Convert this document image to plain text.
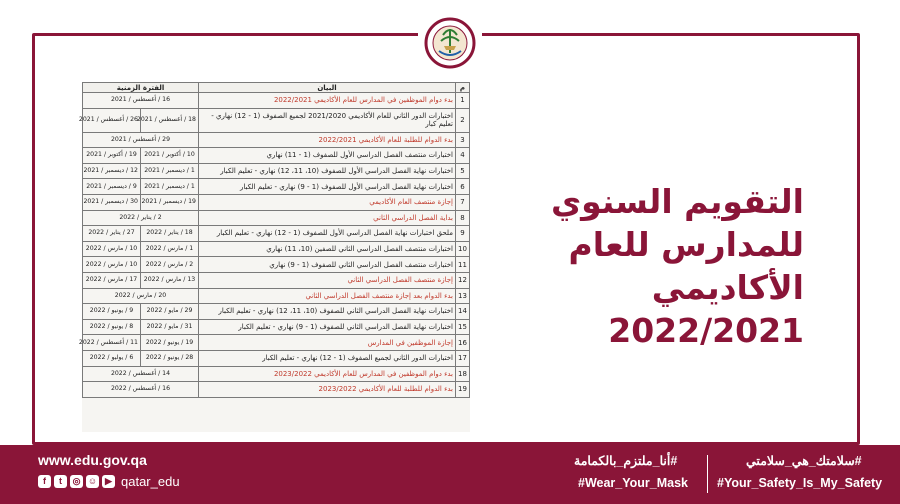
الفترة الزمنية		البيان	م
16 / أغسطس / 2021		بدء دوام الموظفين في المدارس للعام الأكاديمي 2022/2021	1
26 / أغسطس / 2021	18 / أغسطس / 2021	اختبارات الدور الثاني للعام الأكاديمي 2021/2020 لجميع الصفوف (1 - 12) نهاري - تعليم كبار	2
29 / أغسطس / 2021		بدء الدوام للطلبة للعام الأكاديمي 2022/2021	3
19 / أكتوبر / 2021	10 / أكتوبر / 2021	اختبارات منتصف الفصل الدراسي الأول للصفوف (1 - 11) نهاري	4
12 / ديسمبر / 2021	1 / ديسمبر / 2021	اختبارات نهاية الفصل الدراسي الأول للصفوف (10، 11، 12) نهاري - تعليم الكبار	5
9 / ديسمبر / 2021	1 / ديسمبر / 2021	اختبارات نهاية الفصل الدراسي الأول للصفوف (1 - 9) نهاري - تعليم الكبار	6
30 / ديسمبر / 2021	19 / ديسمبر / 2021	إجازة منتصف العام الأكاديمي	7
2 / يناير / 2022		بداية الفصل الدراسي الثاني	8
27 / يناير / 2022	18 / يناير / 2022	ملحق اختبارات نهاية الفصل الدراسي الأول للصفوف (1 - 12) نهاري - تعليم الكبار	9
10 / مارس / 2022	1 / مارس / 2022	اختبارات منتصف الفصل الدراسي الثاني للصفين (10، 11) نهاري	10
10 / مارس / 2022	2 / مارس / 2022	اختبارات منتصف الفصل الدراسي الثاني للصفوف (1 - 9) نهاري	11
17 / مارس / 2022	13 / مارس / 2022	إجازة منتصف الفصل الدراسي الثاني	12
20 / مارس / 2022		بدء الدوام بعد إجازة منتصف الفصل الدراسي الثاني	13
9 / يونيو / 2022	29 / مايو / 2022	اختبارات نهاية الفصل الدراسي الثاني للصفوف (10، 11، 12) نهاري - تعليم الكبار	14
8 / يونيو / 2022	31 / مايو / 2022	اختبارات نهاية الفصل الدراسي الثاني للصفوف (1 - 9) نهاري - تعليم الكبار	15
11 / أغسطس / 2022	19 / يونيو / 2022	إجازة الموظفين في المدارس	16
6 / يوليو / 2022	28 / يونيو / 2022	اختبارات الدور الثاني لجميع الصفوف (1 - 12) نهاري - تعليم الكبار	17
14 / أغسطس / 2022		بدء دوام الموظفين في المدارس للعام الأكاديمي 2023/2022	18
16 / أغسطس / 2022		بدء الدوام للطلبة للعام الأكاديمي 2023/2022	19
التقويم السنوي
للمدارس للعام
الأكاديمي
2022/2021
www.edu.gov.qa
f t ◎ ☺ ▶ qatar_edu
#أنا_ملتزم_بالكمامة
#Wear_Your_Mask
#سلامتك_هي_سلامتي
#Your_Safety_Is_My_Safety
